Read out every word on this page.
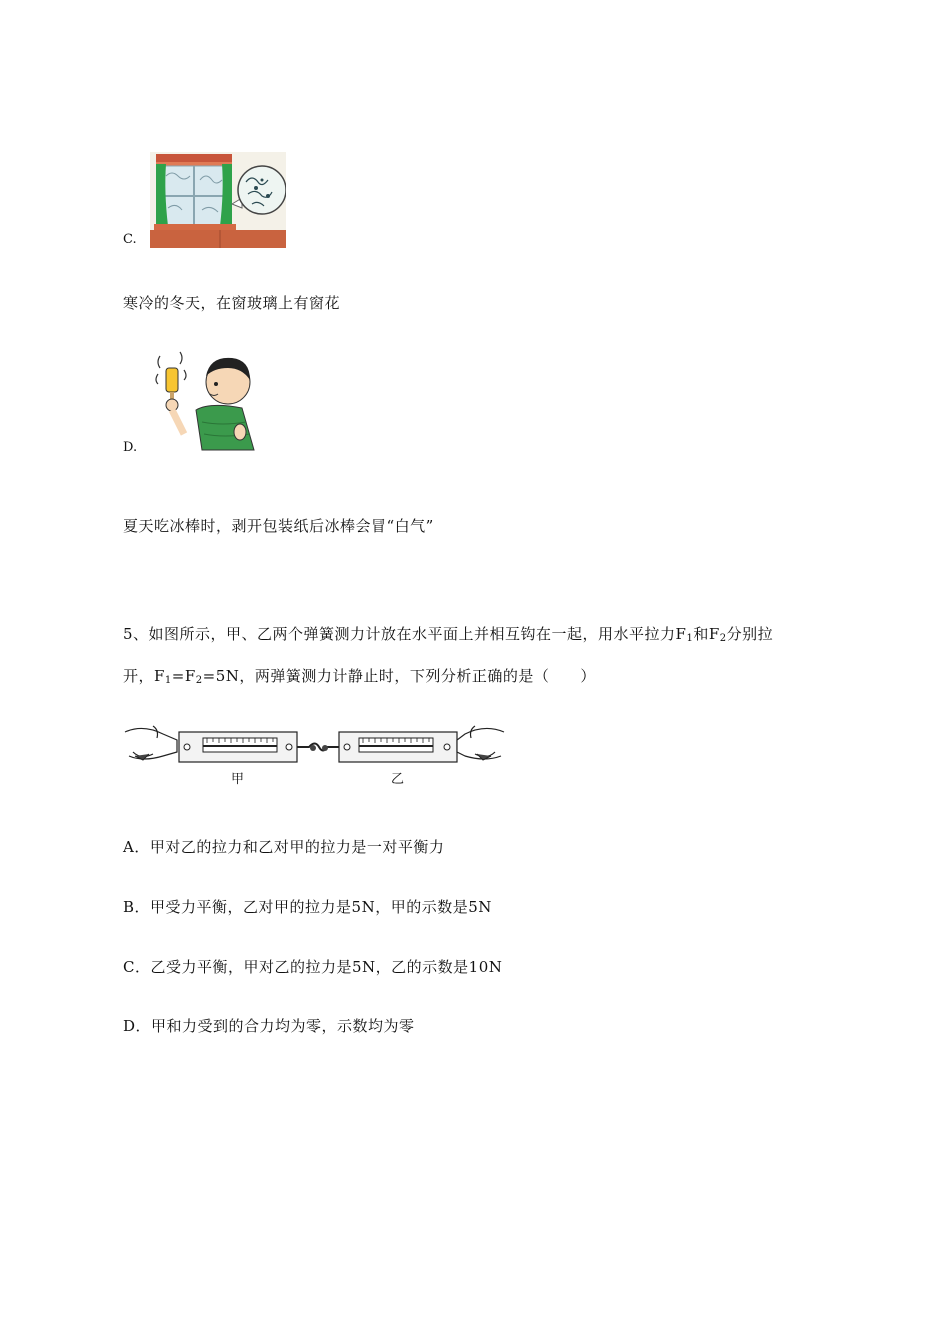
C.
寒冷的冬天，在窗玻璃上有窗花
D.
夏天吃冰棒时，剥开包装纸后冰棒会冒“白气”
5、如图所示，甲、乙两个弹簧测力计放在水平面上并相互钩在一起，用水平拉力$F_1$和$F_2$分别拉
开，$F_1=F_2=5N$，两弹簧测力计静止时，下列分析正确的是（　　）
甲	乙
A．甲对乙的拉力和乙对甲的拉力是一对平衡力
B．甲受力平衡，乙对甲的拉力是5N，甲的示数是5N
C．乙受力平衡，甲对乙的拉力是5N，乙的示数是10N
D．甲和力受到的合力均为零，示数均为零
